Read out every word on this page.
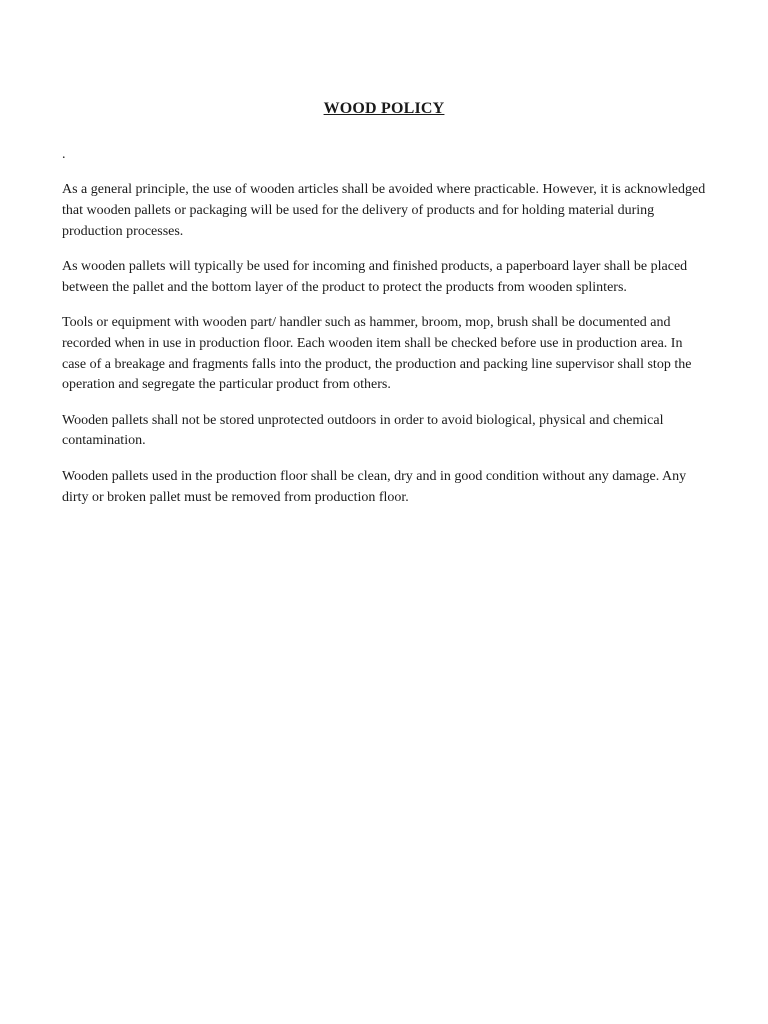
WOOD POLICY
.

As a general principle, the use of wooden articles shall be avoided where practicable. However, it is acknowledged that wooden pallets or packaging will be used for the delivery of products and for holding material during production processes.

As wooden pallets will typically be used for incoming and finished products, a paperboard layer shall be placed between the pallet and the bottom layer of the product to protect the products from wooden splinters.

Tools or equipment with wooden part/ handler such as hammer, broom, mop, brush shall be documented and recorded when in use in production floor. Each wooden item shall be checked before use in production area. In case of a breakage and fragments falls into the product, the production and packing line supervisor shall stop the operation and segregate the particular product from others.

Wooden pallets shall not be stored unprotected outdoors in order to avoid biological, physical and chemical contamination.

Wooden pallets used in the production floor shall be clean, dry and in good condition without any damage. Any dirty or broken pallet must be removed from production floor.
